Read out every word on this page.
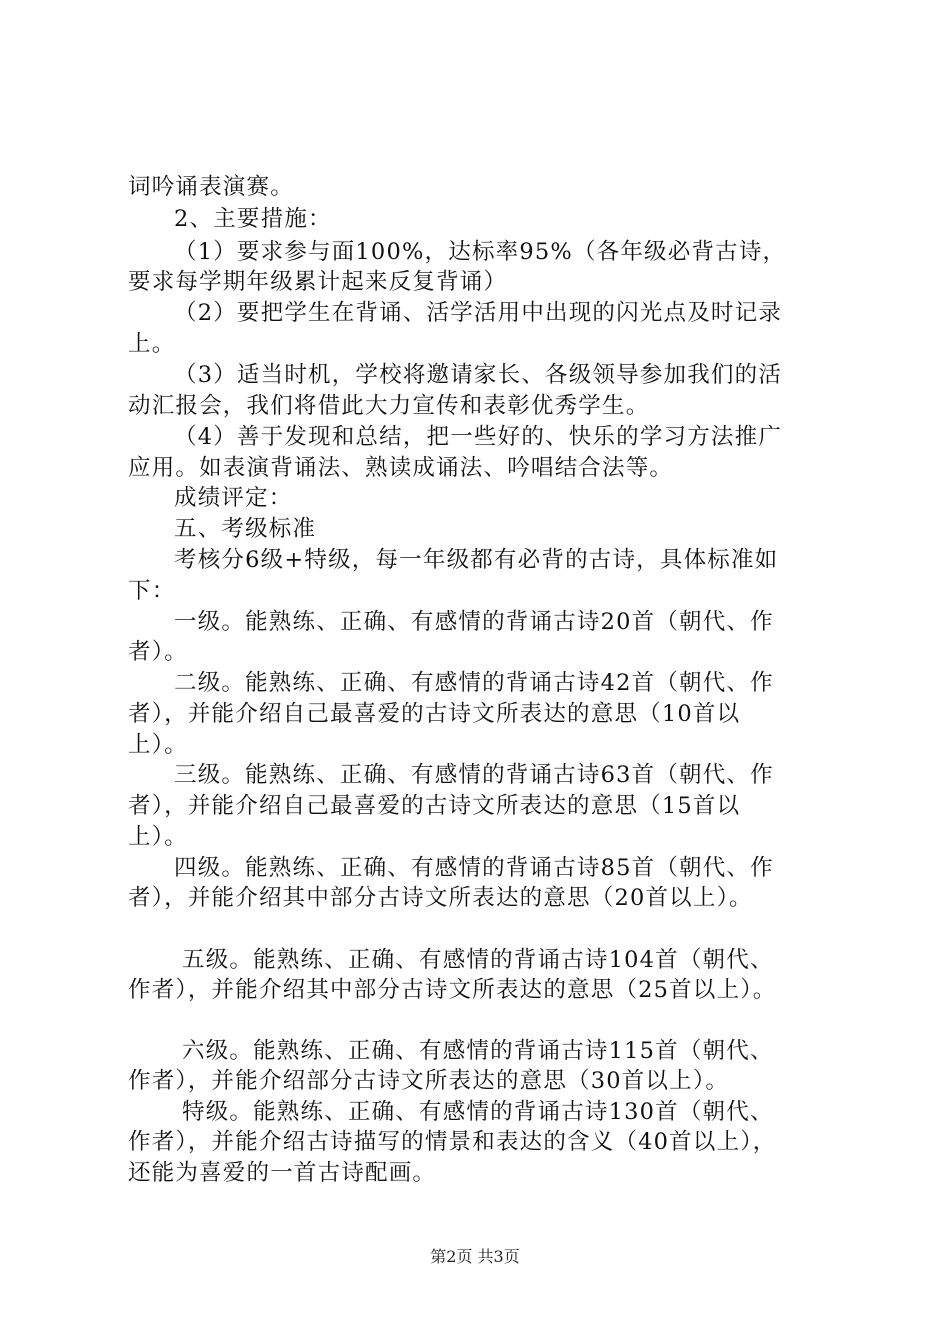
词吟诵表演赛。
2、主要措施：
（1）要求参与面100%，达标率95%（各年级必背古诗，
要求每学期年级累计起来反复背诵）
（2）要把学生在背诵、活学活用中出现的闪光点及时记录
上。
（3）适当时机，学校将邀请家长、各级领导参加我们的活
动汇报会，我们将借此大力宣传和表彰优秀学生。
（4）善于发现和总结，把一些好的、快乐的学习方法推广
应用。如表演背诵法、熟读成诵法、吟唱结合法等。
成绩评定：
五、考级标准
考核分6级+特级，每一年级都有必背的古诗，具体标准如
下：
一级。能熟练、正确、有感情的背诵古诗20首（朝代、作
者）。
二级。能熟练、正确、有感情的背诵古诗42首（朝代、作
者），并能介绍自己最喜爱的古诗文所表达的意思（10首以
上）。
三级。能熟练、正确、有感情的背诵古诗63首（朝代、作
者），并能介绍自己最喜爱的古诗文所表达的意思（15首以
上）。
四级。能熟练、正确、有感情的背诵古诗85首（朝代、作
者），并能介绍其中部分古诗文所表达的意思（20首以上）。
五级。能熟练、正确、有感情的背诵古诗104首（朝代、
作者），并能介绍其中部分古诗文所表达的意思（25首以上）。
六级。能熟练、正确、有感情的背诵古诗115首（朝代、
作者），并能介绍部分古诗文所表达的意思（30首以上）。
特级。能熟练、正确、有感情的背诵古诗130首（朝代、
作者），并能介绍古诗描写的情景和表达的含义（40首以上），
还能为喜爱的一首古诗配画。
第2页 共3页
